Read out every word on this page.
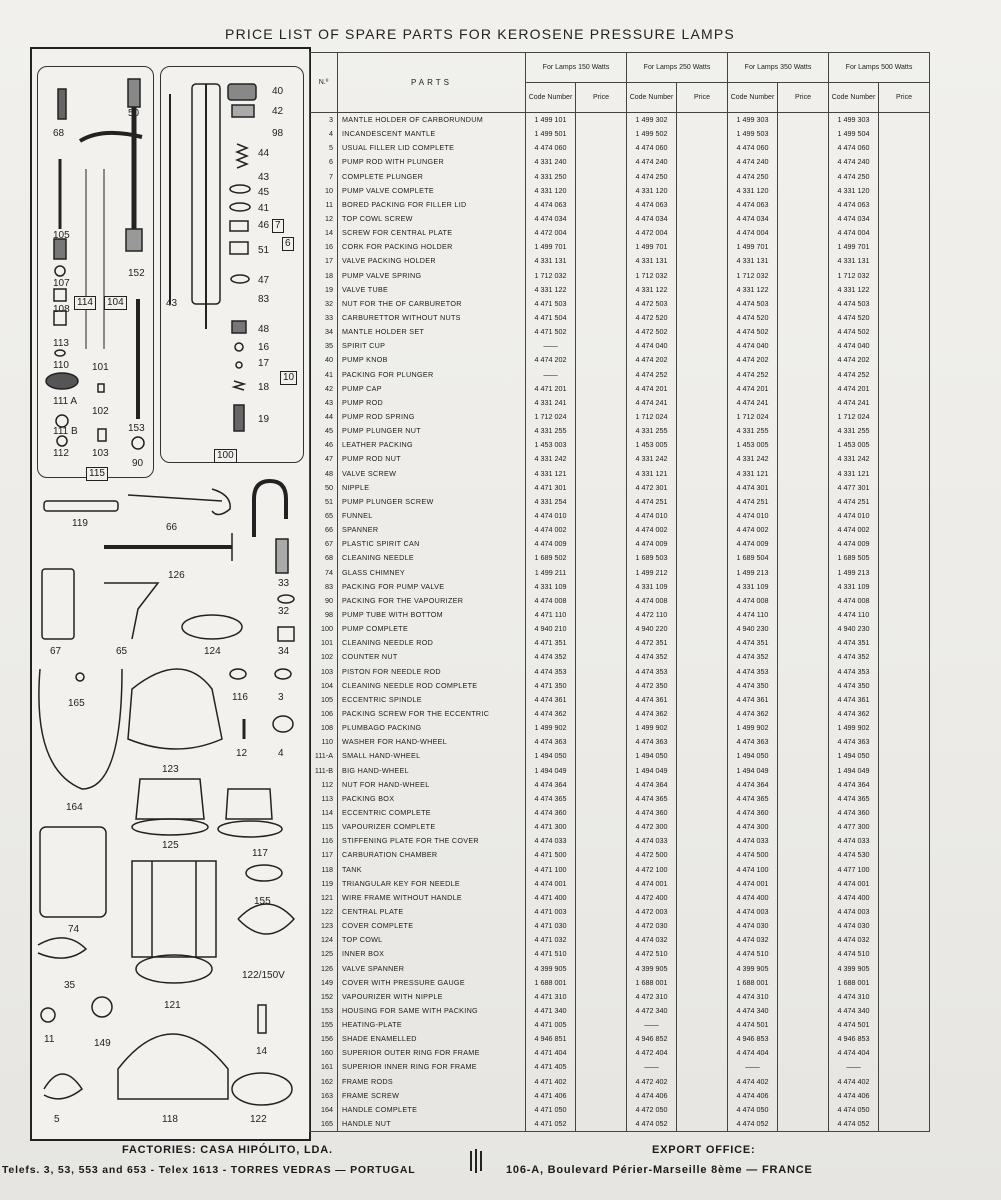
PRICE LIST OF SPARE PARTS FOR KEROSENE PRESSURE LAMPS
68
50
40
42
98
44
43
45
41
46 7
6
51
47
105
152
107
114	104
108
113
83
48
16
17
18
19
10
43
101
110
111 A
102
111 B	153
112 103
90
115
100
119	66
126
33
32
34
67	65	124
165
116	3
12	4
123
164
125
117
155
74
35
121
122/150V
11	149
14
5	118	122
N.º	PARTS	For Lamps 150 Watts		For Lamps 250 Watts		For Lamps 350 Watts		For Lamps 500 Watts	
		Code Number	Price	Code Number	Price	Code Number	Price	Code Number	Price
3	MANTLE HOLDER OF CARBORUNDUM	1 499 101		1 499 302		1 499 303		1 499 303	
4	INCANDESCENT MANTLE	1 499 501		1 499 502		1 499 503		1 499 504	
5	USUAL FILLER LID COMPLETE	4 474 060		4 474 060		4 474 060		4 474 060	
6	PUMP ROD WITH PLUNGER	4 331 240		4 474 240		4 474 240		4 474 240	
7	COMPLETE PLUNGER	4 331 250		4 474 250		4 474 250		4 474 250	
10	PUMP VALVE COMPLETE	4 331 120		4 331 120		4 331 120		4 331 120	
11	BORED PACKING FOR FILLER LID	4 474 063		4 474 063		4 474 063		4 474 063	
12	TOP COWL SCREW	4 474 034		4 474 034		4 474 034		4 474 034	
14	SCREW FOR CENTRAL PLATE	4 472 004		4 472 004		4 474 004		4 474 004	
16	CORK FOR PACKING HOLDER	1 499 701		1 499 701		1 499 701		1 499 701	
17	VALVE PACKING HOLDER	4 331 131		4 331 131		4 331 131		4 331 131	
18	PUMP VALVE SPRING	1 712 032		1 712 032		1 712 032		1 712 032	
19	VALVE TUBE	4 331 122		4 331 122		4 331 122		4 331 122	
32	NUT FOR THE OF CARBURETOR	4 471 503		4 472 503		4 474 503		4 474 503	
33	CARBURETTOR WITHOUT NUTS	4 471 504		4 472 520		4 474 520		4 474 520	
34	MANTLE HOLDER SET	4 471 502		4 472 502		4 474 502		4 474 502	
35	SPIRIT CUP	——		4 474 040		4 474 040		4 474 040	
40	PUMP KNOB	4 474 202		4 474 202		4 474 202		4 474 202	
41	PACKING FOR PLUNGER	——		4 474 252		4 474 252		4 474 252	
42	PUMP CAP	4 471 201		4 474 201		4 474 201		4 474 201	
43	PUMP ROD	4 331 241		4 474 241		4 474 241		4 474 241	
44	PUMP ROD SPRING	1 712 024		1 712 024		1 712 024		1 712 024	
45	PUMP PLUNGER NUT	4 331 255		4 331 255		4 331 255		4 331 255	
46	LEATHER PACKING	1 453 003		1 453 005		1 453 005		1 453 005	
47	PUMP ROD NUT	4 331 242		4 331 242		4 331 242		4 331 242	
48	VALVE SCREW	4 331 121		4 331 121		4 331 121		4 331 121	
50	NIPPLE	4 471 301		4 472 301		4 474 301		4 477 301	
51	PUMP PLUNGER SCREW	4 331 254		4 474 251		4 474 251		4 474 251	
65	FUNNEL	4 474 010		4 474 010		4 474 010		4 474 010	
66	SPANNER	4 474 002		4 474 002		4 474 002		4 474 002	
67	PLASTIC SPIRIT CAN	4 474 009		4 474 009		4 474 009		4 474 009	
68	CLEANING NEEDLE	1 689 502		1 689 503		1 689 504		1 689 505	
74	GLASS CHIMNEY	1 499 211		1 499 212		1 499 213		1 499 213	
83	PACKING FOR PUMP VALVE	4 331 109		4 331 109		4 331 109		4 331 109	
90	PACKING FOR THE VAPOURIZER	4 474 008		4 474 008		4 474 008		4 474 008	
98	PUMP TUBE WITH BOTTOM	4 471 110		4 472 110		4 474 110		4 474 110	
100	PUMP COMPLETE	4 940 210		4 940 220		4 940 230		4 940 230	
101	CLEANING NEEDLE ROD	4 471 351		4 472 351		4 474 351		4 474 351	
102	COUNTER NUT	4 474 352		4 474 352		4 474 352		4 474 352	
103	PISTON FOR NEEDLE ROD	4 474 353		4 474 353		4 474 353		4 474 353	
104	CLEANING NEEDLE ROD COMPLETE	4 471 350		4 472 350		4 474 350		4 474 350	
105	ECCENTRIC SPINDLE	4 474 361		4 474 361		4 474 361		4 474 361	
106	PACKING SCREW FOR THE ECCENTRIC	4 474 362		4 474 362		4 474 362		4 474 362	
108	PLUMBAGO PACKING	1 499 902		1 499 902		1 499 902		1 499 902	
110	WASHER FOR HAND-WHEEL	4 474 363		4 474 363		4 474 363		4 474 363	
111-A	SMALL HAND-WHEEL	1 494 050		1 494 050		1 494 050		1 494 050	
111-B	BIG HAND-WHEEL	1 494 049		1 494 049		1 494 049		1 494 049	
112	NUT FOR HAND-WHEEL	4 474 364		4 474 364		4 474 364		4 474 364	
113	PACKING BOX	4 474 365		4 474 365		4 474 365		4 474 365	
114	ECCENTRIC COMPLETE	4 474 360		4 474 360		4 474 360		4 474 360	
115	VAPOURIZER COMPLETE	4 471 300		4 472 300		4 474 300		4 477 300	
116	STIFFENING PLATE FOR THE COVER	4 474 033		4 474 033		4 474 033		4 474 033	
117	CARBURATION CHAMBER	4 471 500		4 472 500		4 474 500		4 474 530	
118	TANK	4 471 100		4 472 100		4 474 100		4 477 100	
119	TRIANGULAR KEY FOR NEEDLE	4 474 001		4 474 001		4 474 001		4 474 001	
121	WIRE FRAME WITHOUT HANDLE	4 471 400		4 472 400		4 474 400		4 474 400	
122	CENTRAL PLATE	4 471 003		4 472 003		4 474 003		4 474 003	
123	COVER COMPLETE	4 471 030		4 472 030		4 474 030		4 474 030	
124	TOP COWL	4 471 032		4 474 032		4 474 032		4 474 032	
125	INNER BOX	4 471 510		4 472 510		4 474 510		4 474 510	
126	VALVE SPANNER	4 399 905		4 399 905		4 399 905		4 399 905	
149	COVER WITH PRESSURE GAUGE	1 688 001		1 688 001		1 688 001		1 688 001	
152	VAPOURIZER WITH NIPPLE	4 471 310		4 472 310		4 474 310		4 474 310	
153	HOUSING FOR SAME WITH PACKING	4 471 340		4 472 340		4 474 340		4 474 340	
155	HEATING-PLATE	4 471 005		——		4 474 501		4 474 501	
156	SHADE ENAMELLED	4 946 851		4 946 852		4 946 853		4 946 853	
160	SUPERIOR OUTER RING FOR FRAME	4 471 404		4 472 404		4 474 404		4 474 404	
161	SUPERIOR INNER RING FOR FRAME	4 471 405		——		——		——	
162	FRAME RODS	4 471 402		4 472 402		4 474 402		4 474 402	
163	FRAME SCREW	4 471 406		4 474 406		4 474 406		4 474 406	
164	HANDLE COMPLETE	4 471 050		4 472 050		4 474 050		4 474 050	
165	HANDLE NUT	4 471 052		4 474 052		4 474 052		4 474 052	
FACTORIES: CASA HIPÓLITO, LDA.
Telefs. 3, 53, 553 and 653 - Telex 1613 - TORRES VEDRAS — PORTUGAL
EXPORT OFFICE:
106-A, Boulevard Périer-Marseille 8ème — FRANCE
